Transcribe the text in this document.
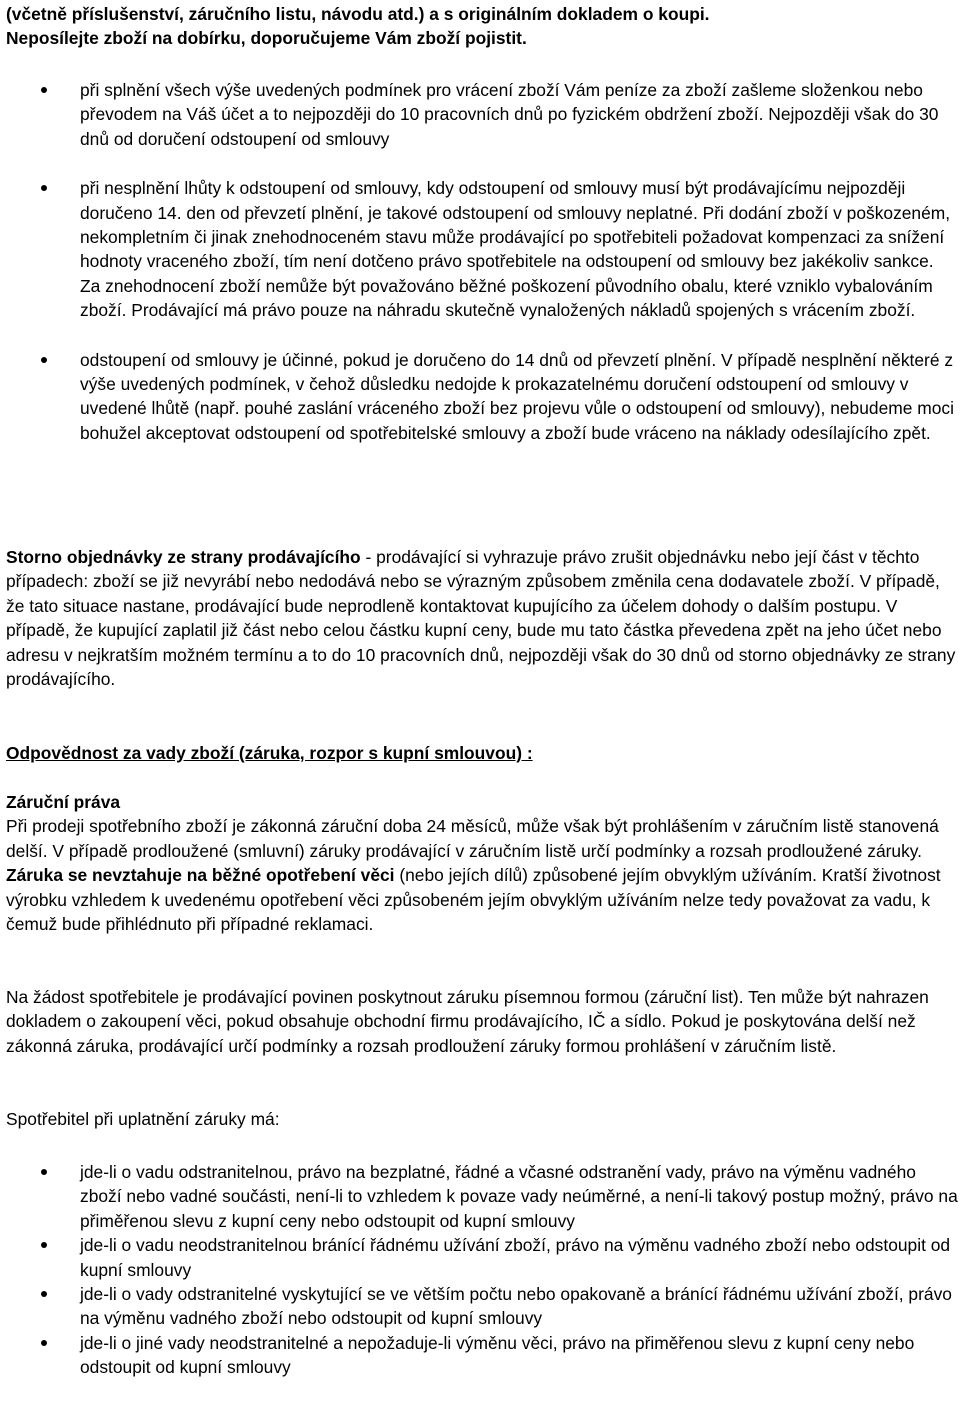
(včetně příslušenství, záručního listu, návodu atd.) a s originálním dokladem o koupi.
Neposílejte zboží na dobírku, doporučujeme Vám zboží pojistit.
při splnění všech výše uvedených podmínek pro vrácení zboží Vám peníze za zboží zašleme složenkou nebo převodem na Váš účet a to nejpozději do 10 pracovních dnů po fyzickém obdržení zboží. Nejpozději však do 30 dnů od doručení odstoupení od smlouvy
při nesplnění lhůty k odstoupení od smlouvy, kdy odstoupení od smlouvy musí být prodávajícímu nejpozději doručeno 14. den od převzetí plnění, je takové odstoupení od smlouvy neplatné. Při dodání zboží v poškozeném, nekompletním či jinak znehodnoceném stavu může prodávající po spotřebiteli požadovat kompenzaci za snížení hodnoty vraceného zboží, tím není dotčeno právo spotřebitele na odstoupení od smlouvy bez jakékoliv sankce. Za znehodnocení zboží nemůže být považováno běžné poškození původního obalu, které vzniklo vybalováním zboží. Prodávající má právo pouze na náhradu skutečně vynaložených nákladů spojených s vrácením zboží.
odstoupení od smlouvy je účinné, pokud je doručeno do 14 dnů od převzetí plnění. V případě nesplnění některé z výše uvedených podmínek, v čehož důsledku nedojde k prokazatelnému doručení odstoupení od smlouvy v uvedené lhůtě (např. pouhé zaslání vráceného zboží bez projevu vůle o odstoupení od smlouvy), nebudeme moci bohužel akceptovat odstoupení od spotřebitelské smlouvy a zboží bude vráceno na náklady odesílajícího zpět.

Storno objednávky ze strany prodávajícího - prodávající si vyhrazuje právo zrušit objednávku nebo její část v těchto případech: zboží se již nevyrábí nebo nedodává nebo se výrazným způsobem změnila cena dodavatele zboží. V případě, že tato situace nastane, prodávající bude neprodleně kontaktovat kupujícího za účelem dohody o dalším postupu. V případě, že kupující zaplatil již část nebo celou částku kupní ceny, bude mu tato částka převedena zpět na jeho účet nebo adresu v nejkratším možném termínu a to do 10 pracovních dnů, nejpozději však do 30 dnů od storno objednávky ze strany prodávajícího.

Odpovědnost za vady zboží (záruka, rozpor s kupní smlouvou) :

Záruční práva
Při prodeji spotřebního zboží je zákonná záruční doba 24 měsíců, může však být prohlášením v záručním listě stanovená delší. V případě prodloužené (smluvní) záruky prodávající v záručním listě určí podmínky a rozsah prodloužené záruky. Záruka se nevztahuje na běžné opotřebení věci (nebo jejích dílů) způsobené jejím obvyklým užíváním. Kratší životnost výrobku vzhledem k uvedenému opotřebení věci způsobeném jejím obvyklým užíváním nelze tedy považovat za vadu, k čemuž bude přihlédnuto při případné reklamaci.

Na žádost spotřebitele je prodávající povinen poskytnout záruku písemnou formou (záruční list). Ten může být nahrazen dokladem o zakoupení věci, pokud obsahuje obchodní firmu prodávajícího, IČ a sídlo. Pokud je poskytována delší než zákonná záruka, prodávající určí podmínky a rozsah prodloužení záruky formou prohlášení v záručním listě.

Spotřebitel při uplatnění záruky má:

jde-li o vadu odstranitelnou, právo na bezplatné, řádné a včasné odstranění vady, právo na výměnu vadného zboží nebo vadné součásti, není-li to vzhledem k povaze vady neúměrné, a není-li takový postup možný, právo na přiměřenou slevu z kupní ceny nebo odstoupit od kupní smlouvy
jde-li o vadu neodstranitelnou bránící řádnému užívání zboží, právo na výměnu vadného zboží nebo odstoupit od kupní smlouvy
jde-li o vady odstranitelné vyskytující se ve větším počtu nebo opakovaně a bránící řádnému užívání zboží, právo na výměnu vadného zboží nebo odstoupit od kupní smlouvy
jde-li o jiné vady neodstranitelné a nepožaduje-li výměnu věci, právo na přiměřenou slevu z kupní ceny nebo odstoupit od kupní smlouvy
